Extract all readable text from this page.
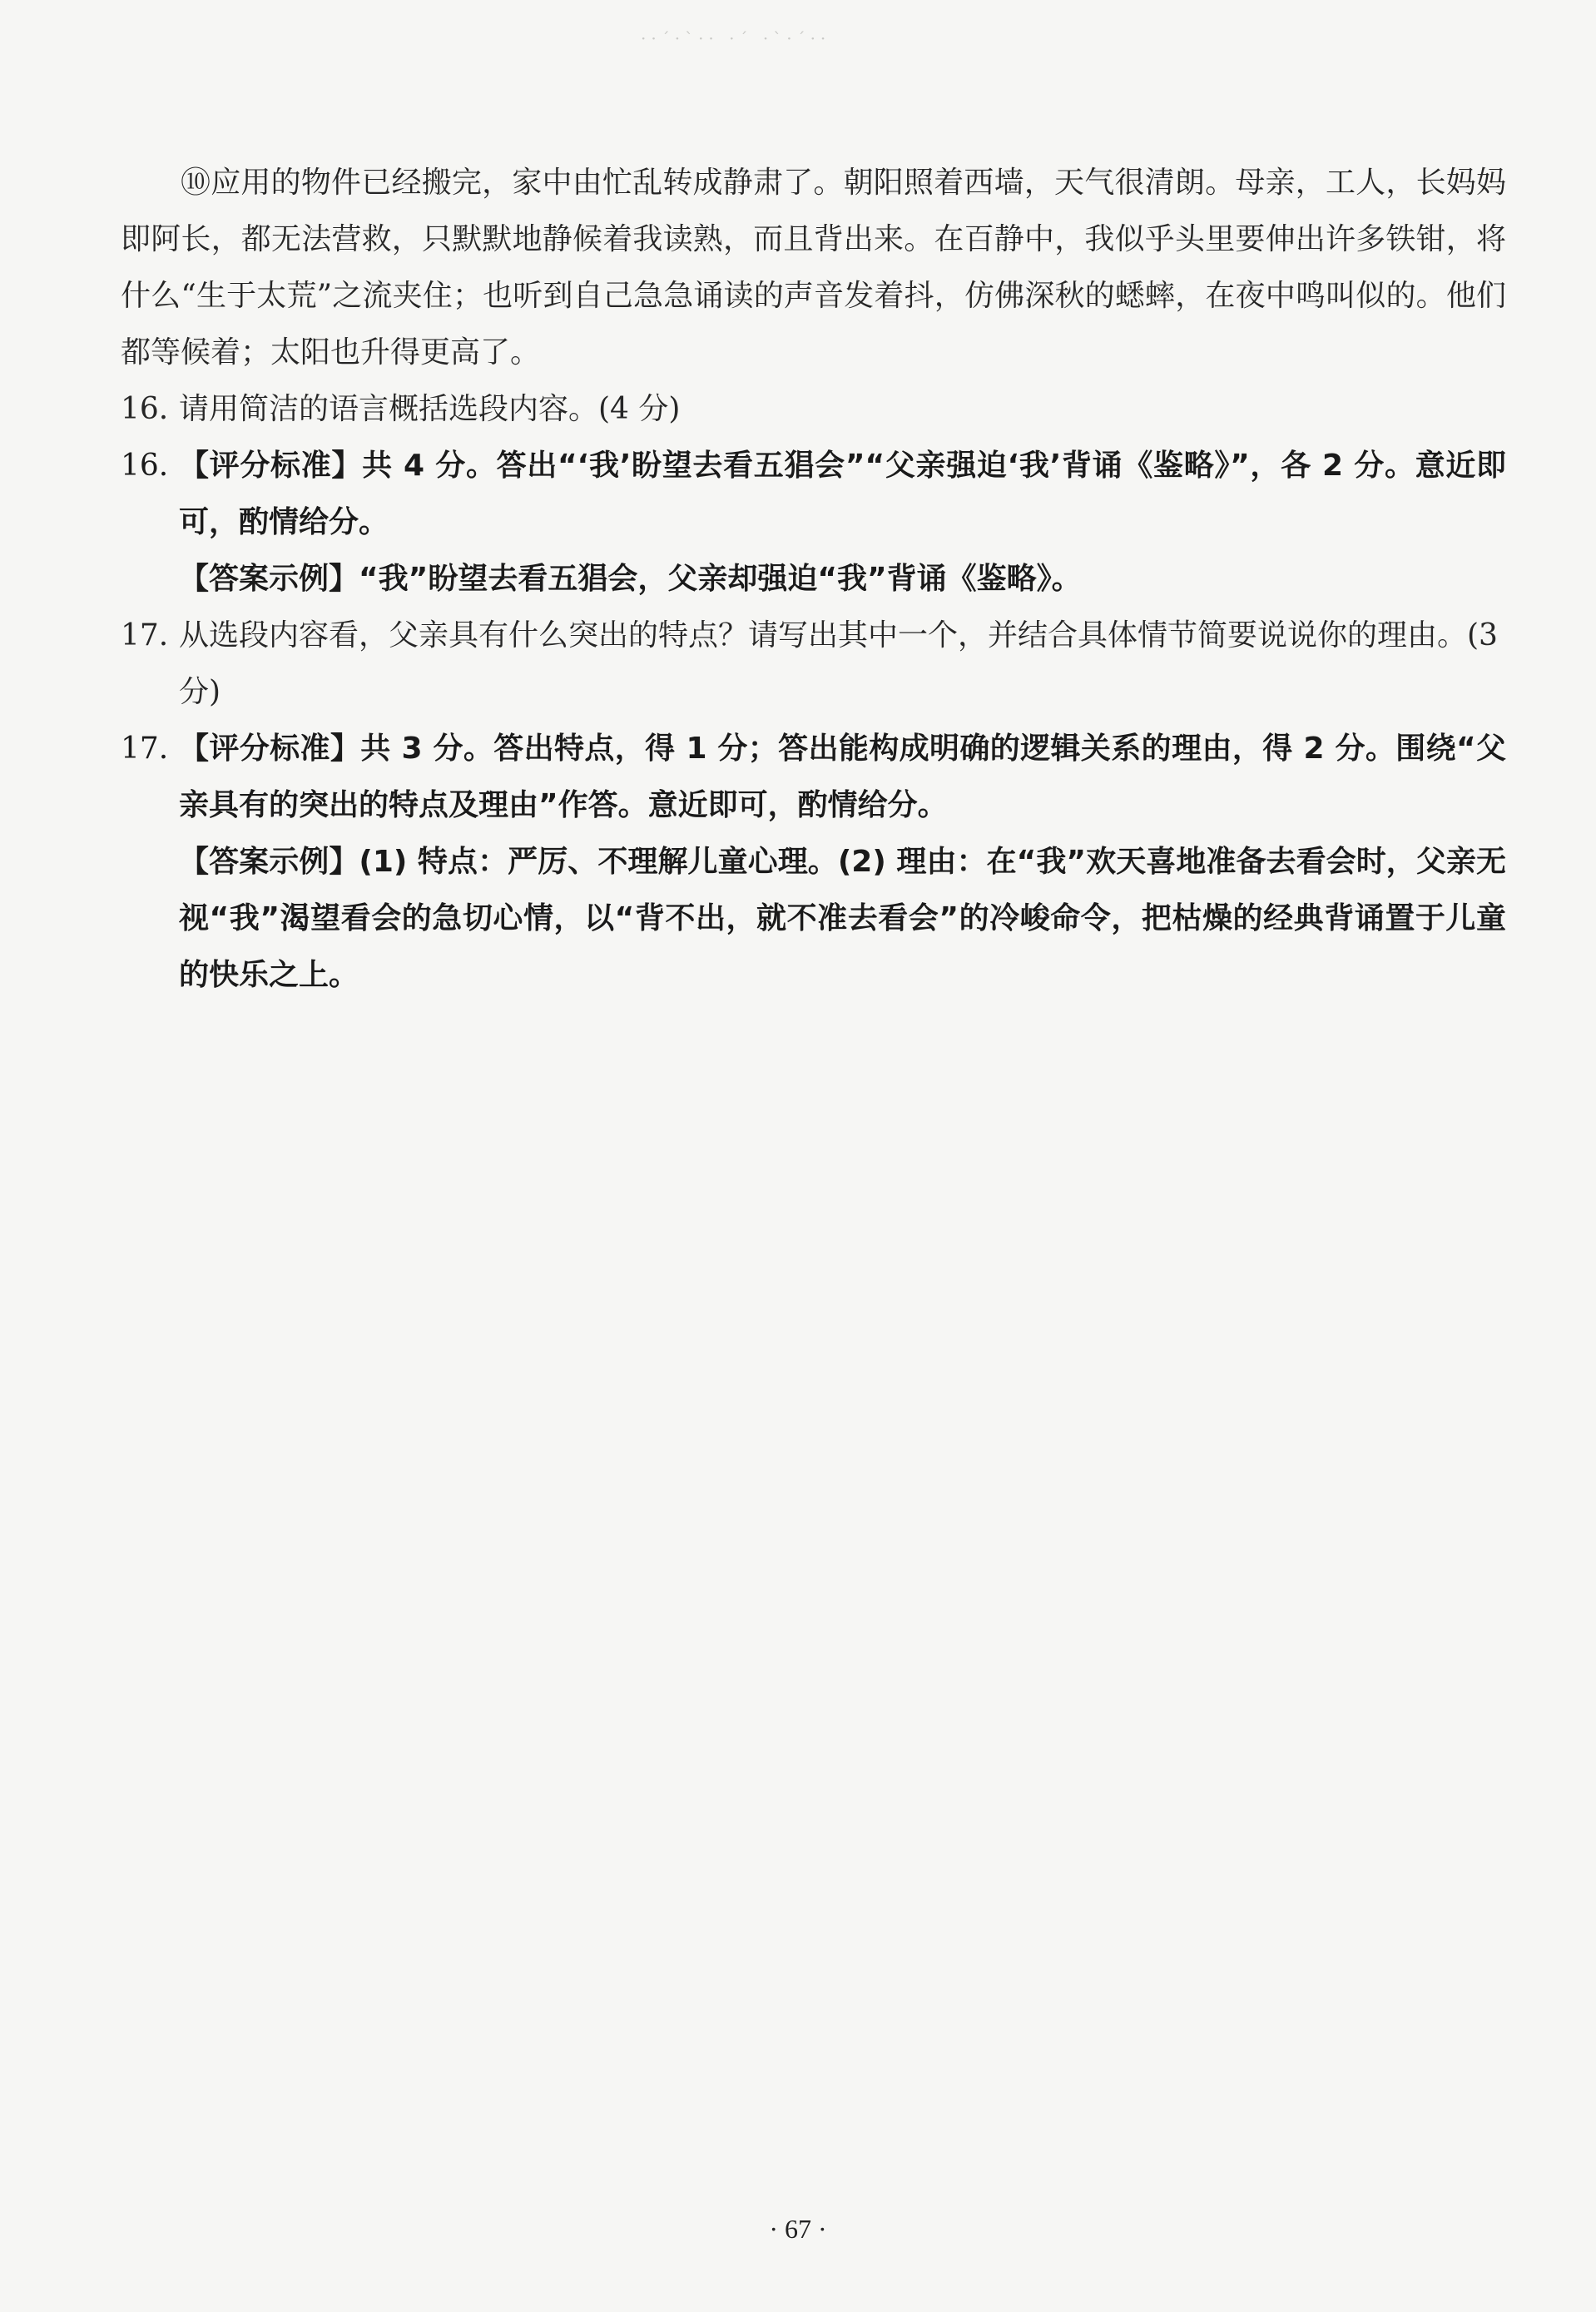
··ˊ·ˋ·· ·ˊ ·ˋ·ˊ··

⑩应用的物件已经搬完，家中由忙乱转成静肃了。朝阳照着西墙，天气很清朗。母亲，工人，长妈妈即阿长，都无法营救，只默默地静候着我读熟，而且背出来。在百静中，我似乎头里要伸出许多铁钳，将什么“生于太荒”之流夹住；也听到自己急急诵读的声音发着抖，仿佛深秋的蟋蟀，在夜中鸣叫似的。他们都等候着；太阳也升得更高了。

16. 请用简洁的语言概括选段内容。(4 分)
16. 【评分标准】共 4 分。答出“‘我’盼望去看五猖会”“父亲强迫‘我’背诵《鉴略》”，各 2 分。意近即可，酌情给分。
【答案示例】“我”盼望去看五猖会，父亲却强迫“我”背诵《鉴略》。
17. 从选段内容看，父亲具有什么突出的特点？请写出其中一个，并结合具体情节简要说说你的理由。(3 分)
17. 【评分标准】共 3 分。答出特点，得 1 分；答出能构成明确的逻辑关系的理由，得 2 分。围绕“父亲具有的突出的特点及理由”作答。意近即可，酌情给分。
【答案示例】(1) 特点：严厉、不理解儿童心理。(2) 理由：在“我”欢天喜地准备去看会时，父亲无视“我”渴望看会的急切心情，以“背不出，就不准去看会”的冷峻命令，把枯燥的经典背诵置于儿童的快乐之上。
· 67 ·
